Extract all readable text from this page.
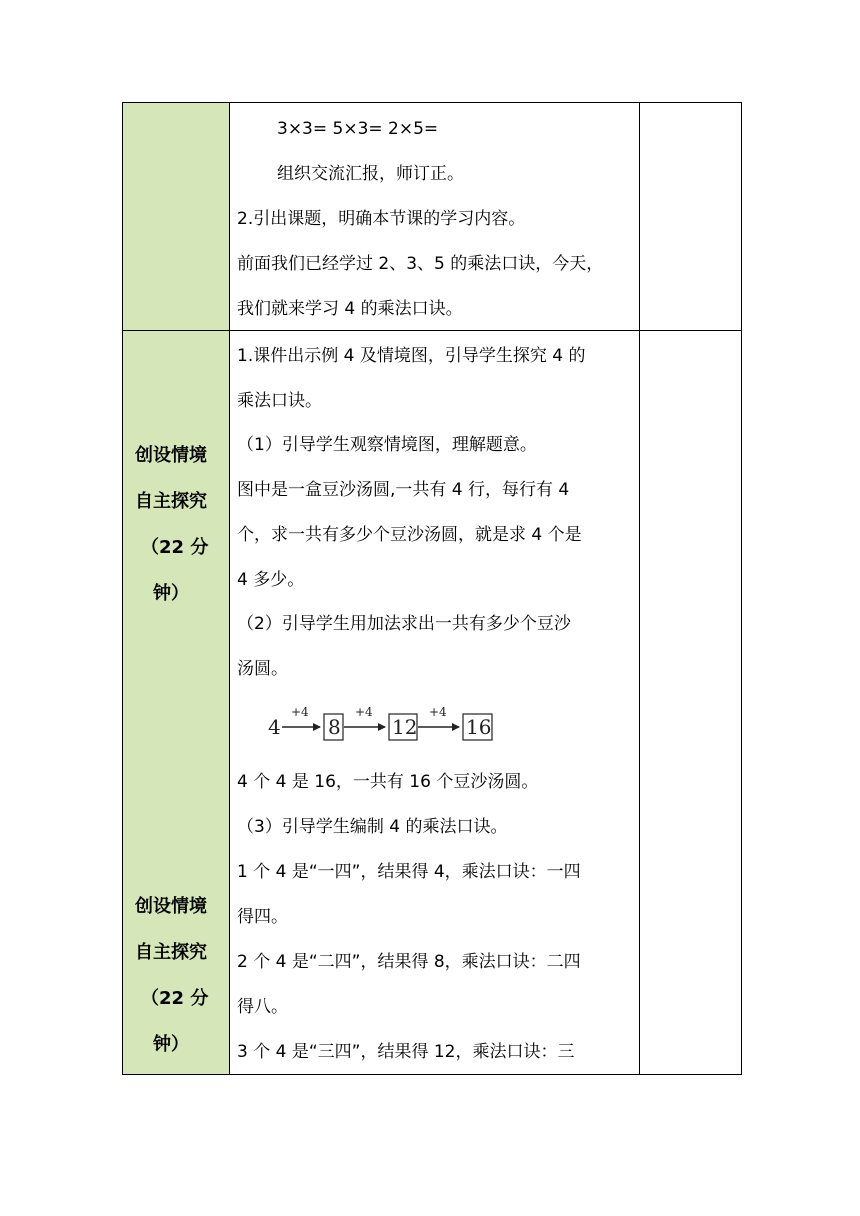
创设情境
自主探究
（22 分
钟）
创设情境
自主探究
（22 分
钟）
3×3= 5×3= 2×5=
组织交流汇报，师订正。
2.引出课题，明确本节课的学习内容。
前面我们已经学过 2、3、5 的乘法口诀，今天，
我们就来学习 4 的乘法口诀。
1.课件出示例 4 及情境图，引导学生探究 4 的
乘法口诀。
（1）引导学生观察情境图，理解题意。
图中是一盒豆沙汤圆,一共有 4 行，每行有 4
个，求一共有多少个豆沙汤圆，就是求 4 个是
4 多少。
（2）引导学生用加法求出一共有多少个豆沙
汤圆。
4
+4
8
+4
12
+4
16
4 个 4 是 16，一共有 16 个豆沙汤圆。
（3）引导学生编制 4 的乘法口诀。
1 个 4 是“一四”，结果得 4，乘法口诀：一四
得四。
2 个 4 是“二四”，结果得 8，乘法口诀：二四
得八。
3 个 4 是“三四”，结果得 12，乘法口诀：三
